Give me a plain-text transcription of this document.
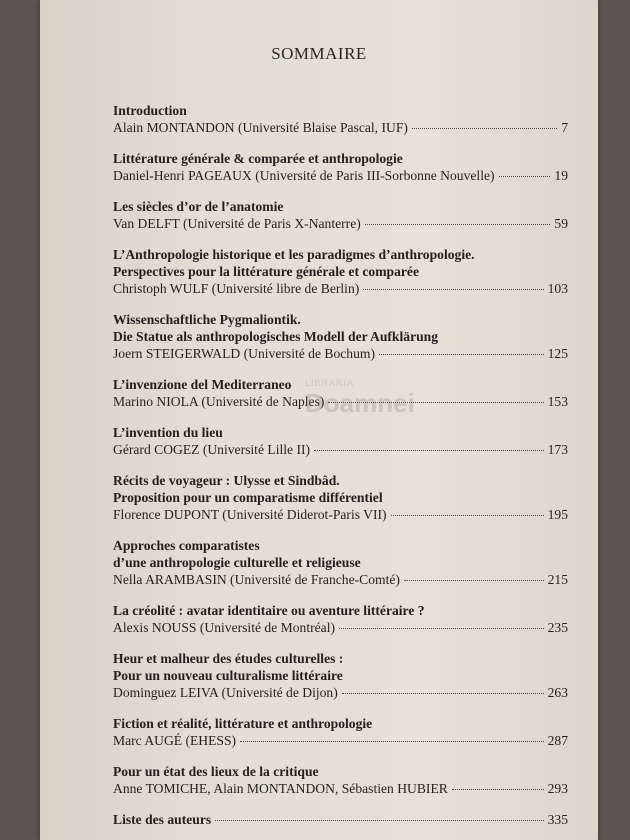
SOMMAIRE
Introduction
Alain MONTANDON (Université Blaise Pascal, IUF)	7
Littérature générale & comparée et anthropologie
Daniel-Henri PAGEAUX (Université de Paris III-Sorbonne Nouvelle)	19
Les siècles d’or de l’anatomie
Van DELFT (Université de Paris X-Nanterre)	59
L’Anthropologie historique et les paradigmes d’anthropologie.
Perspectives pour la littérature générale et comparée
Christoph WULF (Université libre de Berlin)	103
Wissenschaftliche Pygmaliontik.
Die Statue als anthropologisches Modell der Aufklärung
Joern STEIGERWALD (Université de Bochum)	125
L’invenzione del Mediterraneo
Marino NIOLA (Université de Naples)	153
L’invention du lieu
Gérard COGEZ (Université Lille II)	173
Récits de voyageur : Ulysse et Sindbâd.
Proposition pour un comparatisme différentiel
Florence DUPONT (Université Diderot-Paris VII)	195
Approches comparatistes
d’une anthropologie culturelle et religieuse
Nella ARAMBASIN (Université de Franche-Comté)	215
La créolité : avatar identitaire ou aventure littéraire ?
Alexis NOUSS (Université de Montréal)	235
Heur et malheur des études culturelles :
Pour un nouveau culturalisme littéraire
Dominguez LEIVA (Université de Dijon)	263
Fiction et réalité, littérature et anthropologie
Marc AUGÉ (EHESS)	287
Pour un état des lieux de la critique
Anne TOMICHE, Alain MONTANDON, Sébastien HUBIER	293
Liste des auteurs	335
LIBRARIA
Doamnei
